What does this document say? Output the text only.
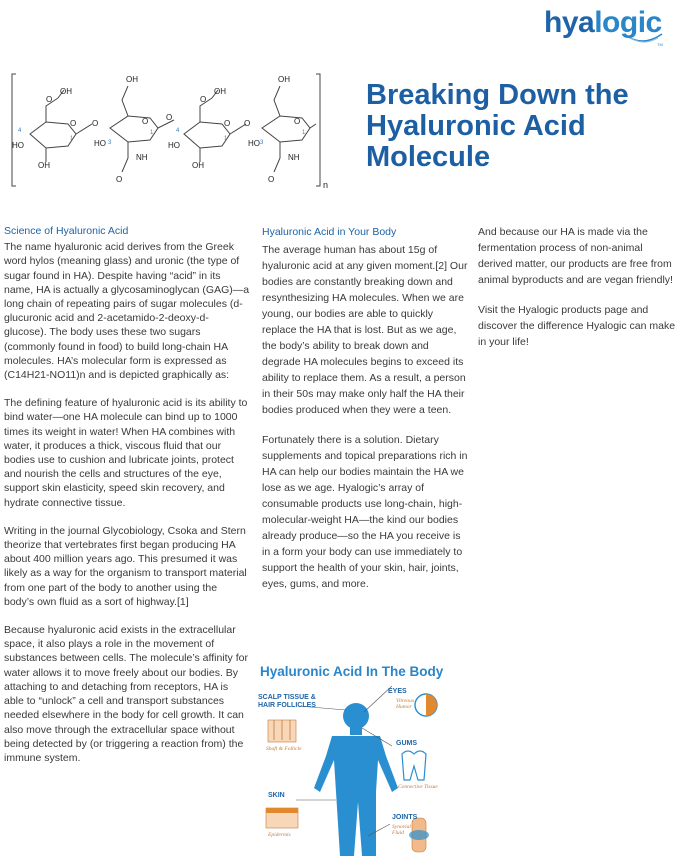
hyalogic
TM
OH
O
O
HO
OH
O
OH
O
HO
NH
O
O
OH
O
O
HO
OH
O
OH
O
HO
NH
O
n
1
4	1
3
4
1
3
1
Breaking Down the
Hyaluronic Acid
Molecule
Science of Hyaluronic Acid

The name hyaluronic acid derives from the Greek word hylos (meaning glass) and uronic (the type of sugar found in HA). Despite having “acid” in its name, HA is actually a glycosaminoglycan (GAG)—a long chain of repeating pairs of sugar molecules (d-glucuronic acid and 2-acetamido-2-deoxy-d-glucose). The body uses these two sugars (commonly found in food) to build long-chain HA molecules. HA’s molecular form is expressed as (C14H21-NO11)n and is depicted graphically as:

The defining feature of hyaluronic acid is its ability to bind water—one HA molecule can bind up to 1000 times its weight in water! When HA combines with water, it produces a thick, viscous fluid that our bodies use to cushion and lubricate joints, protect and nourish the cells and structures of the eye, support skin elasticity, speed skin recovery, and hydrate connective tissue.

Writing in the journal Glycobiology, Csoka and Stern theorize that vertebrates first began producing HA about 400 million years ago. This presumed it was likely as a way for the organism to transport material from one part of the body to another using the body’s own fluid as a sort of highway.[1]

Because hyaluronic acid exists in the extracellular space, it also plays a role in the movement of substances between cells. The molecule’s affinity for water allows it to move freely about our bodies. By attaching to and detaching from receptors, HA is able to “unlock” a cell and transport substances needed elsewhere in the body for cell growth. It can also move through the extracellular space without being detected by (or triggering a reaction from) the immune system.

Hyaluronic Acid in Your Body

The average human has about 15g of hyaluronic acid at any given moment.[2] Our bodies are constantly breaking down and resynthesizing HA molecules. When we are young, our bodies are able to quickly replace the HA that is lost. But as we age, the body’s ability to break down and degrade HA molecules begins to exceed its ability to replace them. As a result, a person in their 50s may make only half the HA their bodies produced when they were a teen.

Fortunately there is a solution. Dietary supplements and topical preparations rich in HA can help our bodies maintain the HA we lose as we age. Hyalogic’s array of consumable products use long-chain, high-molecular-weight HA—the kind our bodies already produce—so the HA you receive is in a form your body can use immediately to support the health of your skin, hair, joints, eyes, gums, and more.

And because our HA is made via the fermentation process of non-animal derived matter, our products are free from animal byproducts and are vegan friendly!

Visit the Hyalogic products page and discover the difference Hyalogic can make in your life!

Hyaluronic Acid In The Body
SCALP TISSUE &
HAIR FOLLICLES
Shaft & Follicle
EYES
Vitreous
Humor
GUMS
Connective Tissue
SKIN
Epidermis
JOINTS
Synovial
Fluid
